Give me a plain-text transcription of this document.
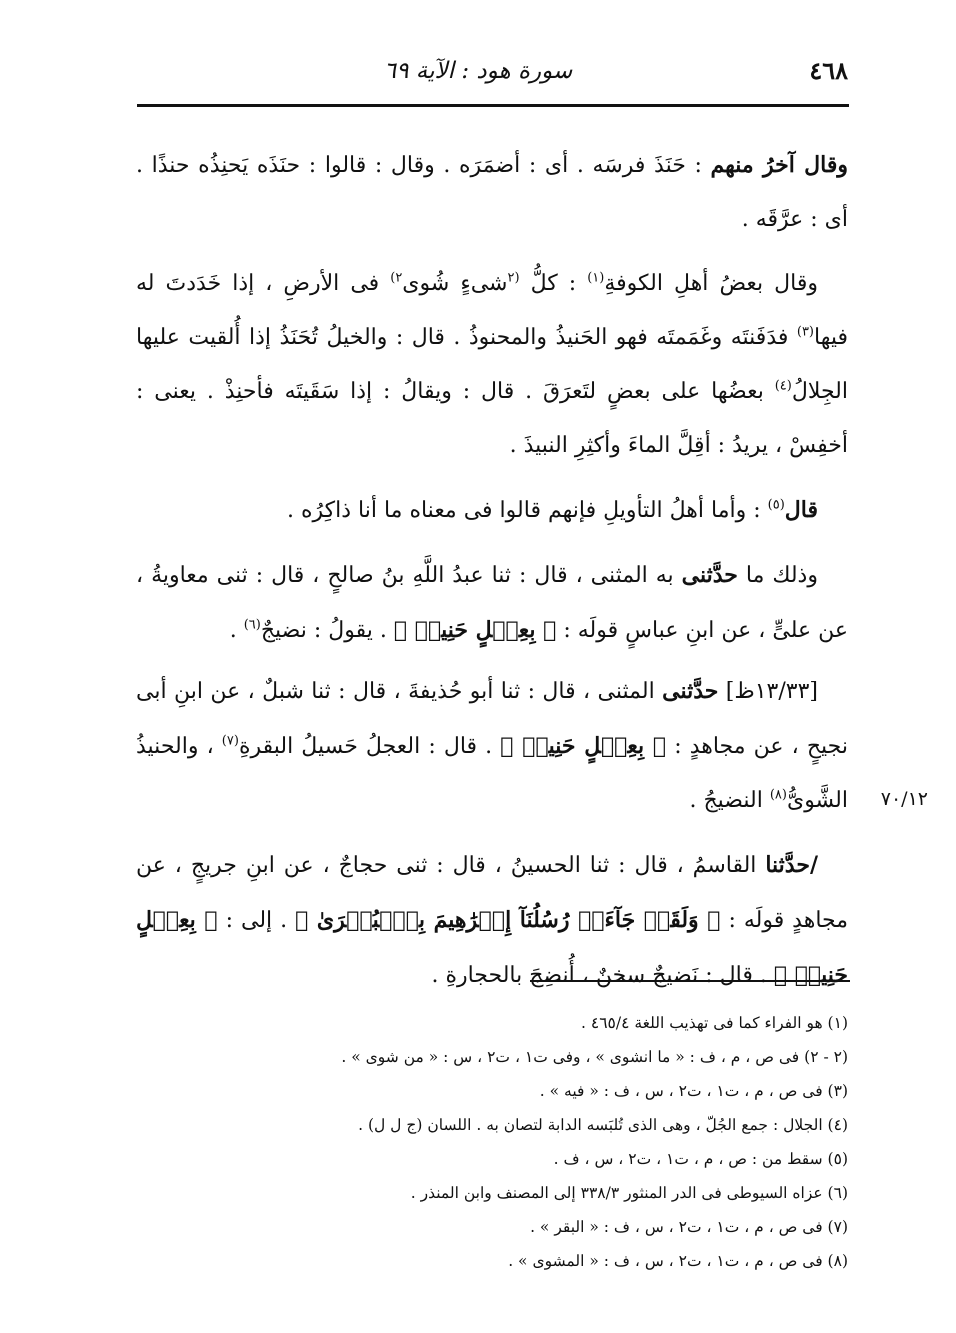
٤٦٨
سورة هود : الآية ٦٩

وقال آخرُ منهم : حَنَذَ فرسَه . أى : أضمَرَه . وقال : قالوا : حنَذَه يَحنِذُه حنذًا . أى : عرَّقَه .

وقال بعضُ أهلِ الكوفةِ$^{(١)}$ : كلُّ $^{(٢}$شىءٍ شُوى$^{٢)}$ فى الأرضِ ، إذا خَدَدتَ له فيها$^{(٣)}$ فدَفَنتَه وغَمَمتَه فهو الحَنيذُ والمحنوذُ . قال : والخيلُ تُحَنَذُ إذا أُلقيت عليها الجِلالُ$^{(٤)}$ بعضُها على بعضٍ لتَعرَقَ . قال : ويقالُ : إذا سَقَيتَه فأحنِذْ . يعنى : أخفِسْ ، يريدُ : أقِلَّ الماءَ وأكثِرِ النبيذَ .

قال$^{(٥)}$ : وأما أهلُ التأويلِ فإنهم قالوا فى معناه ما أنا ذاكِرُه .

وذلك ما حدَّثنى به المثنى ، قال : ثنا عبدُ اللَّهِ بنُ صالحٍ ، قال : ثنى معاويةُ ، عن علىٍّ ، عن ابنِ عباسٍ قولَه : ﴿ بِعِجۡلٍ حَنِيذٖ ﴾ . يقولُ : نضيجٌ$^{(٦)}$ .

[١٣/٣٣ظ] حدَّثنى المثنى ، قال : ثنا أبو حُذيفةَ ، قال : ثنا شبلٌ ، عن ابنِ أبى نجيحٍ ، عن مجاهدٍ : ﴿ بِعِجۡلٍ حَنِيذٖ ﴾ . قال : العجلُ حَسيلُ البقرةِ$^{(٧)}$ ، والحنيذُ الشَّوىُّ$^{(٨)}$ النضيجُ .

/حدَّثنا القاسمُ ، قال : ثنا الحسينُ ، قال : ثنى حجاجٌ ، عن ابنِ جريجٍ ، عن مجاهدٍ قولَه : ﴿ وَلَقَدۡ جَآءَتۡ رُسُلُنَآ إِبۡرَٰهِيمَ بِٱلۡبُشۡرَىٰ ﴾ . إلى : ﴿ بِعِجۡلٍ حَنِيذٖ ﴾ . قال : نَضيجٌ سخنٌ ، أُنضِجَ بالحجارةِ .

٧٠/١٢
(١) هو الفراء كما فى تهذيب اللغة ٤٦٥/٤ .
(٢ - ٢) فى ص ، م ، ف : « ما انشوى » ، وفى ت١ ، ت٢ ، س : « من شوى » .
(٣) فى ص ، م ، ت١ ، ت٢ ، س ، ف : « فيه » .
(٤) الجلال : جمع الجُلّ ، وهى الذى تُلبَسه الدابة لتصان به . اللسان (ج ل ل) .
(٥) سقط من : ص ، م ، ت١ ، ت٢ ، س ، ف .
(٦) عزاه السيوطى فى الدر المنثور ٣٣٨/٣ إلى المصنف وابن المنذر .
(٧) فى ص ، م ، ت١ ، ت٢ ، س ، ف : « البقر » .
(٨) فى ص ، م ، ت١ ، ت٢ ، س ، ف : « المشوى » .
